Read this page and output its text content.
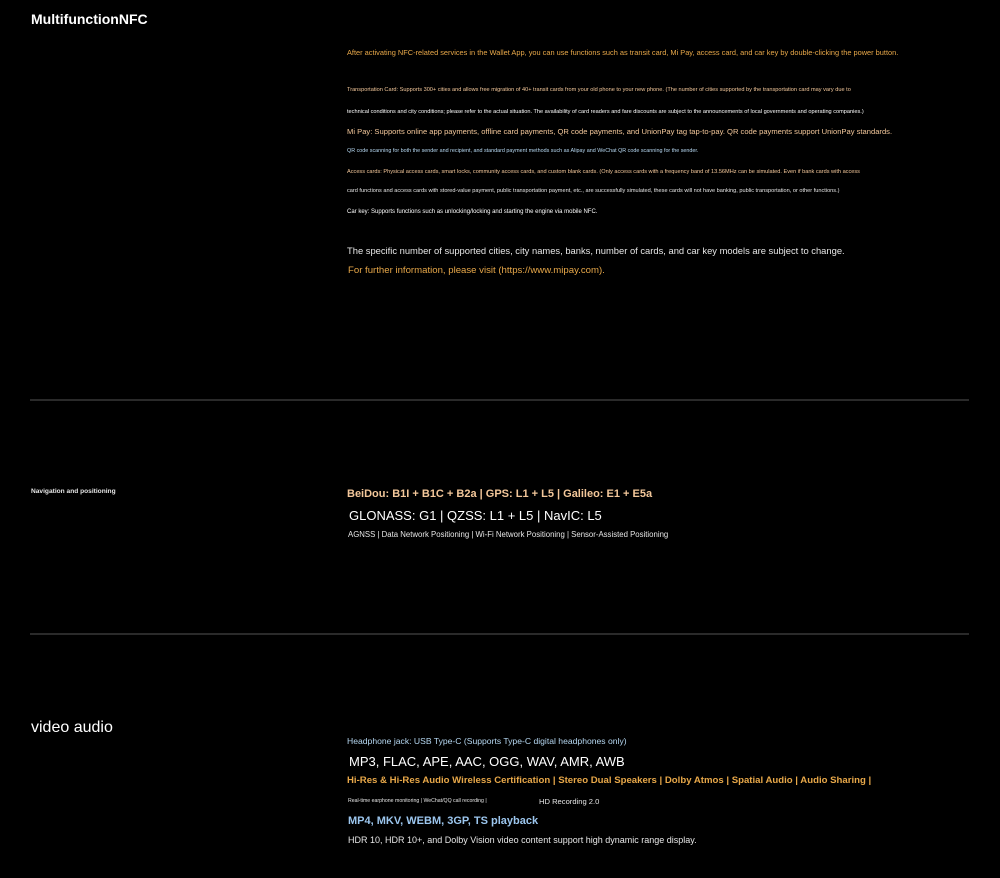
MultifunctionNFC

After activating NFC-related services in the Wallet App, you can use functions such as transit card, Mi Pay, access card, and car key by double-clicking the power button.

Transportation Card: Supports 300+ cities and allows free migration of 40+ transit cards from your old phone to your new phone. (The number of cities supported by the transportation card may vary due to

technical conditions and city conditions; please refer to the actual situation. The availability of card readers and fare discounts are subject to the announcements of local governments and operating companies.)

Mi Pay: Supports online app payments, offline card payments, QR code payments, and UnionPay tag tap-to-pay. QR code payments support UnionPay standards.

QR code scanning for both the sender and recipient, and standard payment methods such as Alipay and WeChat QR code scanning for the sender.

Access cards: Physical access cards, smart locks, community access cards, and custom blank cards. (Only access cards with a frequency band of 13.56MHz can be simulated. Even if bank cards with access

card functions and access cards with stored-value payment, public transportation payment, etc., are successfully simulated, these cards will not have banking, public transportation, or other functions.)

Car key: Supports functions such as unlocking/locking and starting the engine via mobile NFC.

The specific number of supported cities, city names, banks, number of cards, and car key models are subject to change.

For further information, please visit (https://www.mipay.com).

Navigation and positioning	BeiDou: B1I + B1C + B2a | GPS: L1 + L5 | Galileo: E1 + E5a

GLONASS: G1 | QZSS: L1 + L5 | NavIC: L5

AGNSS | Data Network Positioning | Wi-Fi Network Positioning | Sensor-Assisted Positioning

video audio

Headphone jack: USB Type-C (Supports Type-C digital headphones only)

MP3, FLAC, APE, AAC, OGG, WAV, AMR, AWB

Hi-Res & Hi-Res Audio Wireless Certification | Stereo Dual Speakers | Dolby Atmos | Spatial Audio | Audio Sharing |

Real-time earphone monitoring | WeChat/QQ call recording |	HD Recording 2.0

MP4, MKV, WEBM, 3GP, TS playback

HDR 10, HDR 10+, and Dolby Vision video content support high dynamic range display.
